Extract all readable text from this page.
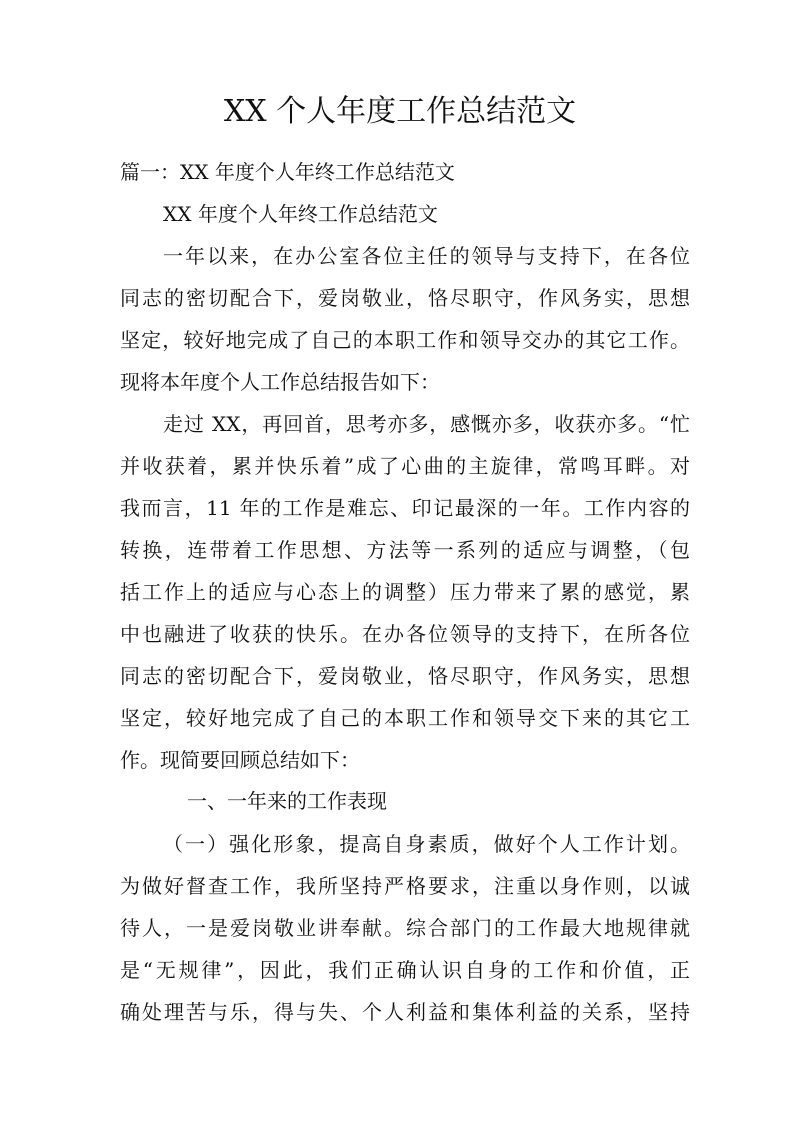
XX 个人年度工作总结范文
篇一：XX 年度个人年终工作总结范文
XX 年度个人年终工作总结范文
一年以来，在办公室各位主任的领导与支持下，在各位
同志的密切配合下，爱岗敬业，恪尽职守，作风务实，思想
坚定，较好地完成了自己的本职工作和领导交办的其它工作。
现将本年度个人工作总结报告如下：
走过 XX，再回首，思考亦多，感慨亦多，收获亦多。“忙
并收获着，累并快乐着”成了心曲的主旋律，常鸣耳畔。对
我而言，11 年的工作是难忘、印记最深的一年。工作内容的
转换，连带着工作思想、方法等一系列的适应与调整，（包
括工作上的适应与心态上的调整）压力带来了累的感觉，累
中也融进了收获的快乐。在办各位领导的支持下，在所各位
同志的密切配合下，爱岗敬业，恪尽职守，作风务实，思想
坚定，较好地完成了自己的本职工作和领导交下来的其它工
作。现简要回顾总结如下：
一、一年来的工作表现
（一）强化形象，提高自身素质，做好个人工作计划。
为做好督查工作，我所坚持严格要求，注重以身作则，以诚
待人，一是爱岗敬业讲奉献。综合部门的工作最大地规律就
是“无规律”，因此，我们正确认识自身的工作和价值，正
确处理苦与乐，得与失、个人利益和集体利益的关系，坚持
